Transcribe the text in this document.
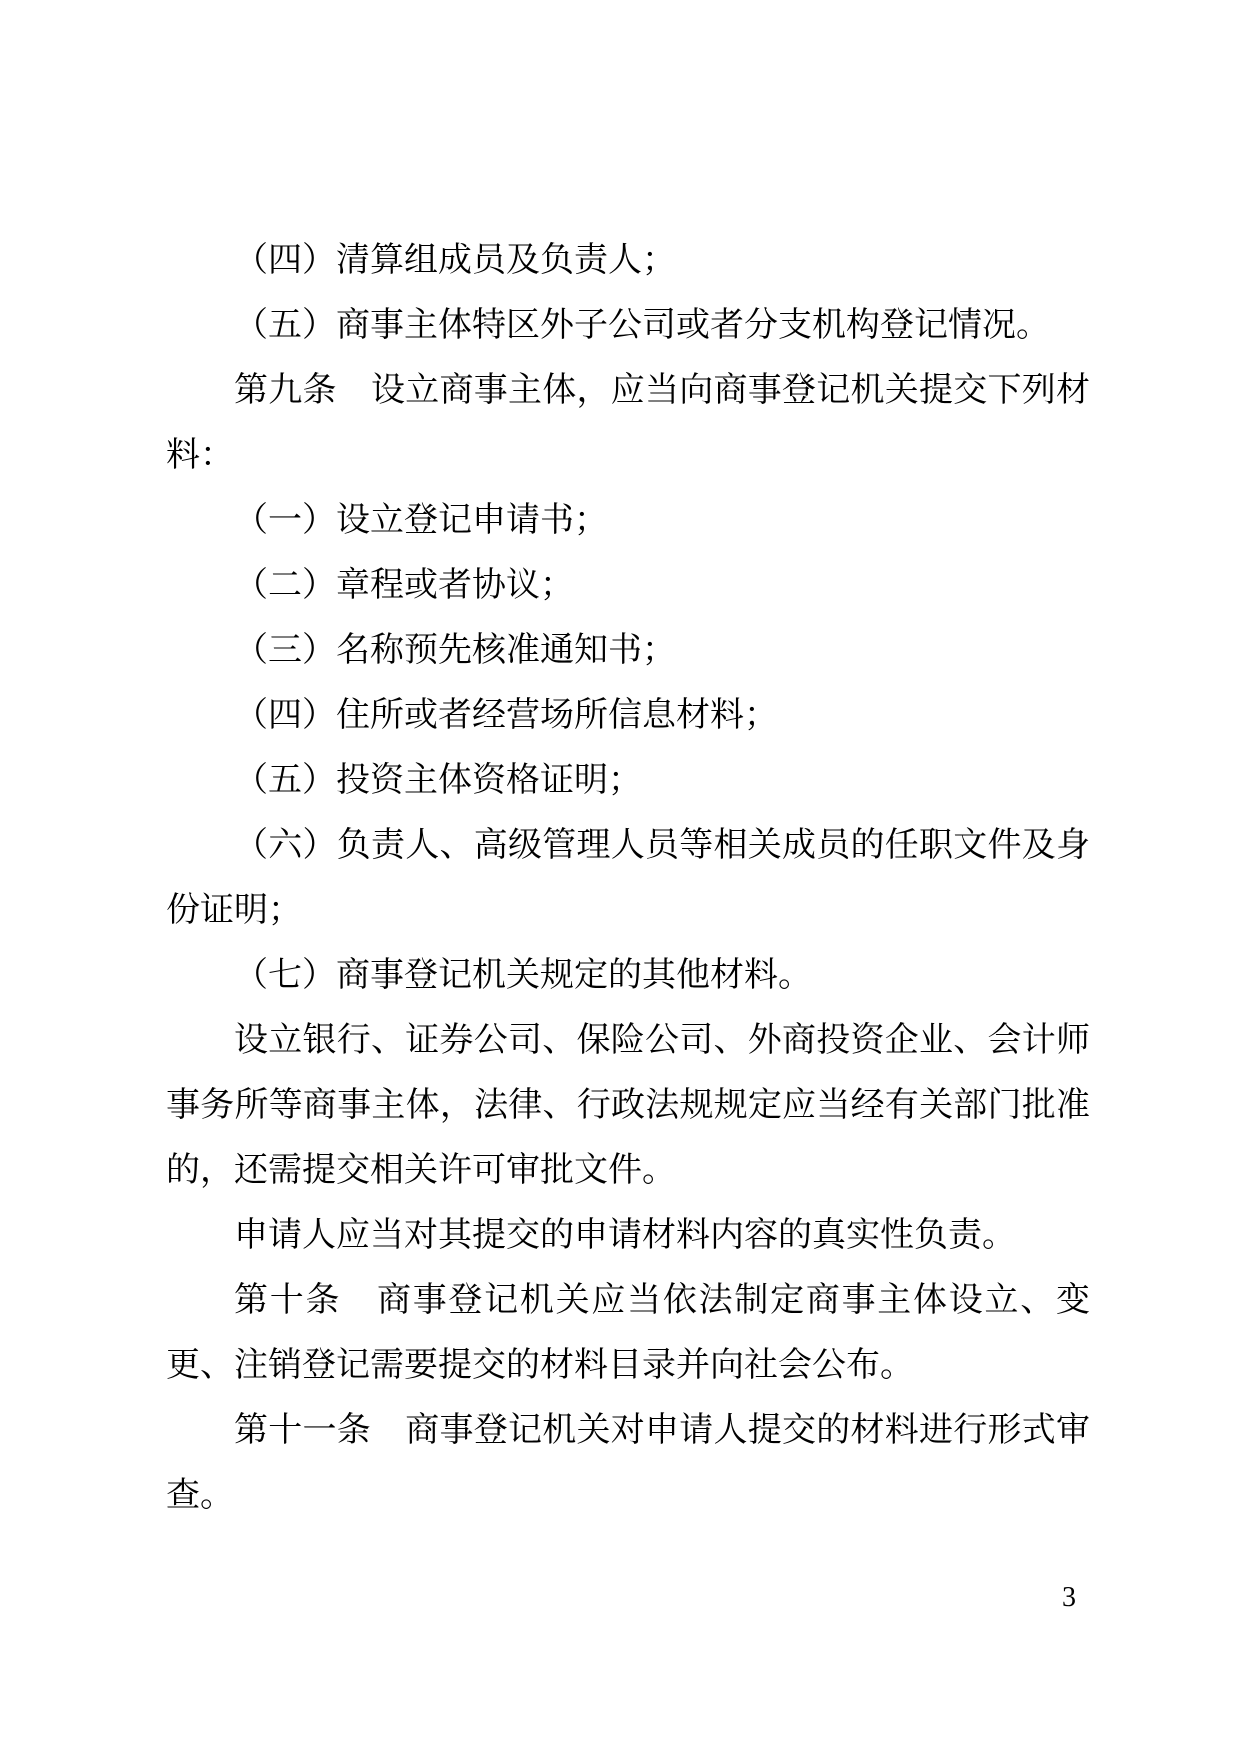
（四）清算组成员及负责人；

（五）商事主体特区外子公司或者分支机构登记情况。

第九条　设立商事主体，应当向商事登记机关提交下列材料：

（一）设立登记申请书；

（二）章程或者协议；

（三）名称预先核准通知书；

（四）住所或者经营场所信息材料；

（五）投资主体资格证明；

（六）负责人、高级管理人员等相关成员的任职文件及身份证明；

（七）商事登记机关规定的其他材料。

设立银行、证券公司、保险公司、外商投资企业、会计师事务所等商事主体，法律、行政法规规定应当经有关部门批准的，还需提交相关许可审批文件。

申请人应当对其提交的申请材料内容的真实性负责。

第十条　商事登记机关应当依法制定商事主体设立、变更、注销登记需要提交的材料目录并向社会公布。

第十一条　商事登记机关对申请人提交的材料进行形式审查。

3
